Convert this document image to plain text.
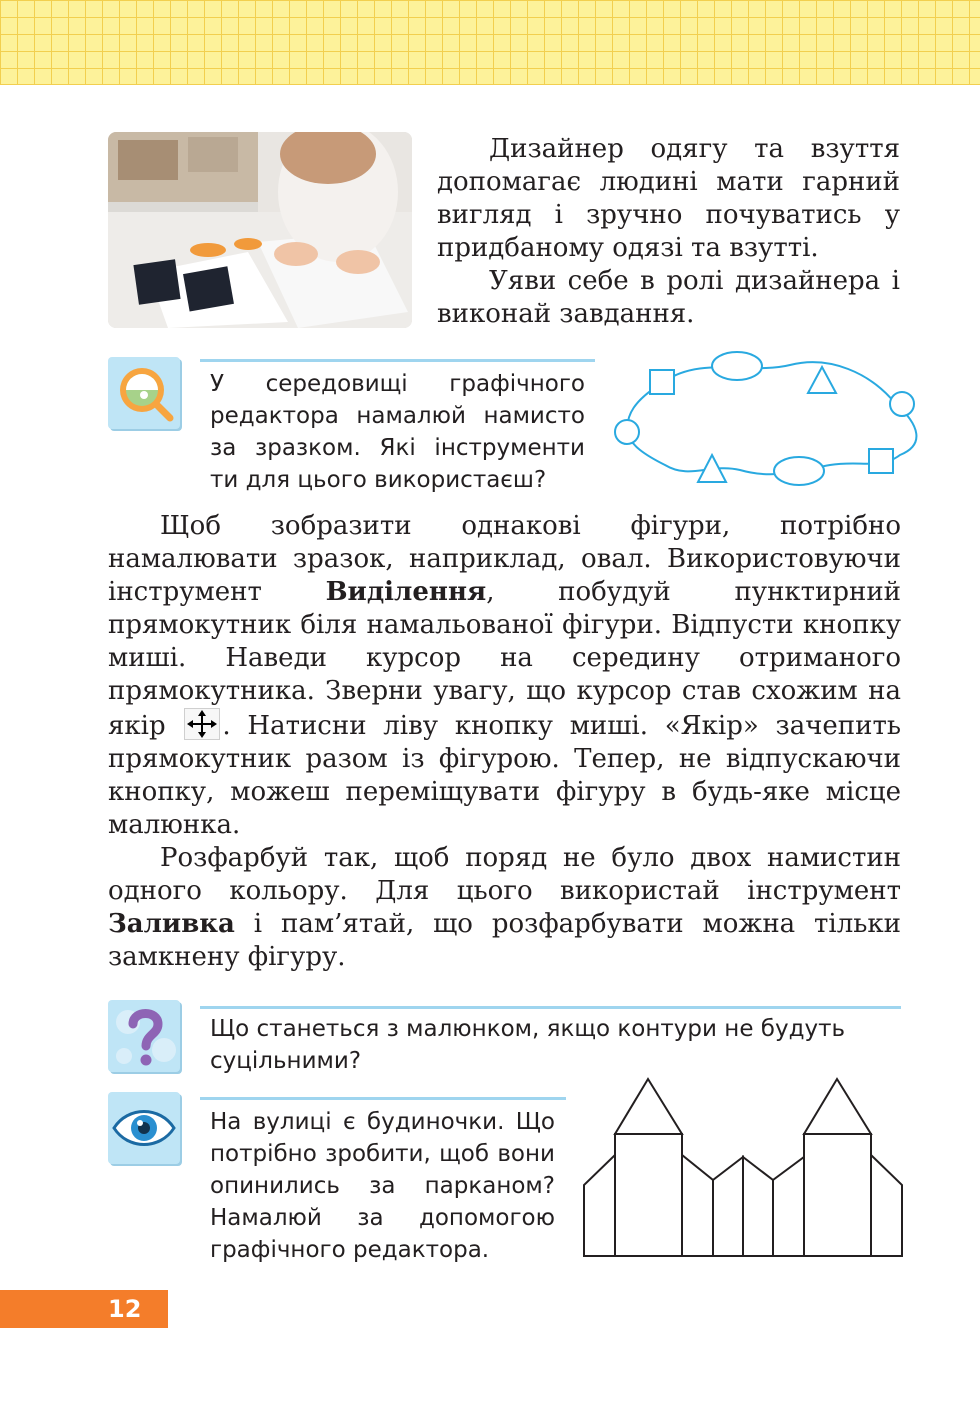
Дизайнер одягу та взуття допомагає людині мати гарний вигляд і зручно почуватись у придбаному одязі та взутті.

Уяви себе в ролі дизайнера і виконай завдання.

У середовищі графічного редактора намалюй намисто за зразком. Які інструменти ти для цього використаєш?

Щоб зобразити однакові фігури, потрібно намалювати зразок, наприклад, овал. Використовуючи інструмент Виділення, побудуй пунктирний прямокутник біля намальованої фігури. Відпусти кнопку миші. Наведи курсор на середину отриманого прямокутника. Зверни увагу, що курсор став схожим на якір . Натисни ліву кнопку миші. «Якір» зачепить прямокутник разом із фігурою. Тепер, не відпускаючи кнопку, можеш переміщувати фігуру в будь-яке місце малюнка.

Розфарбуй так, щоб поряд не було двох намистин одного кольору. Для цього використай інструмент Заливка і пам’ятай, що розфарбувати можна тільки замкнену фігуру.

Що станеться з малюнком, якщо контури не будуть суцільними?
На вулиці є будиночки. Що потрібно зробити, щоб вони опинились за парканом? Намалюй за допомогою графічного редактора.
12
